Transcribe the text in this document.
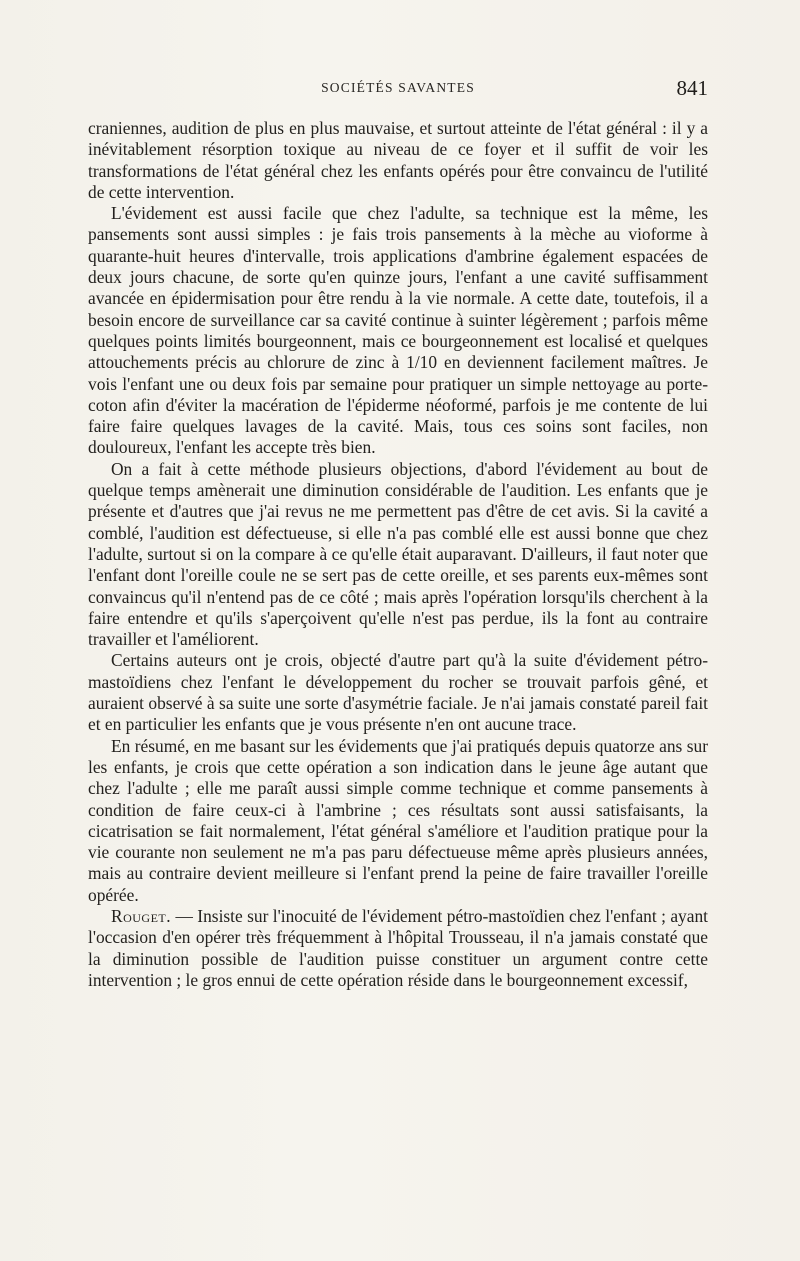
SOCIÉTÉS SAVANTES	841

craniennes, audition de plus en plus mauvaise, et surtout atteinte de l'état général : il y a inévitablement résorption toxique au niveau de ce foyer et il suffit de voir les transformations de l'état général chez les enfants opérés pour être convaincu de l'utilité de cette intervention.

L'évidement est aussi facile que chez l'adulte, sa technique est la même, les pansements sont aussi simples : je fais trois pansements à la mèche au vioforme à quarante-huit heures d'intervalle, trois applications d'ambrine également espacées de deux jours chacune, de sorte qu'en quinze jours, l'enfant a une cavité suffisamment avancée en épidermisation pour être rendu à la vie normale. A cette date, toutefois, il a besoin encore de surveillance car sa cavité continue à suinter légèrement ; parfois même quelques points limités bourgeonnent, mais ce bourgeonnement est localisé et quelques attouchements précis au chlorure de zinc à 1/10 en deviennent facilement maîtres. Je vois l'enfant une ou deux fois par semaine pour pratiquer un simple nettoyage au porte-coton afin d'éviter la macération de l'épiderme néoformé, parfois je me contente de lui faire faire quelques lavages de la cavité. Mais, tous ces soins sont faciles, non douloureux, l'enfant les accepte très bien.

On a fait à cette méthode plusieurs objections, d'abord l'évidement au bout de quelque temps amènerait une diminution considérable de l'audition. Les enfants que je présente et d'autres que j'ai revus ne me permettent pas d'être de cet avis. Si la cavité a comblé, l'audition est défectueuse, si elle n'a pas comblé elle est aussi bonne que chez l'adulte, surtout si on la compare à ce qu'elle était auparavant. D'ailleurs, il faut noter que l'enfant dont l'oreille coule ne se sert pas de cette oreille, et ses parents eux-mêmes sont convaincus qu'il n'entend pas de ce côté ; mais après l'opération lorsqu'ils cherchent à la faire entendre et qu'ils s'aperçoivent qu'elle n'est pas perdue, ils la font au contraire travailler et l'améliorent.

Certains auteurs ont je crois, objecté d'autre part qu'à la suite d'évidement pétro-mastoïdiens chez l'enfant le développement du rocher se trouvait parfois gêné, et auraient observé à sa suite une sorte d'asymétrie faciale. Je n'ai jamais constaté pareil fait et en particulier les enfants que je vous présente n'en ont aucune trace.

En résumé, en me basant sur les évidements que j'ai pratiqués depuis quatorze ans sur les enfants, je crois que cette opération a son indication dans le jeune âge autant que chez l'adulte ; elle me paraît aussi simple comme technique et comme pansements à condition de faire ceux-ci à l'ambrine ; ces résultats sont aussi satisfaisants, la cicatrisation se fait normalement, l'état général s'améliore et l'audition pratique pour la vie courante non seulement ne m'a pas paru défectueuse même après plusieurs années, mais au contraire devient meilleure si l'enfant prend la peine de faire travailler l'oreille opérée.

Rouget. — Insiste sur l'inocuité de l'évidement pétro-mastoïdien chez l'enfant ; ayant l'occasion d'en opérer très fréquemment à l'hôpital Trousseau, il n'a jamais constaté que la diminution possible de l'audition puisse constituer un argument contre cette intervention ; le gros ennui de cette opération réside dans le bourgeonnement excessif,
